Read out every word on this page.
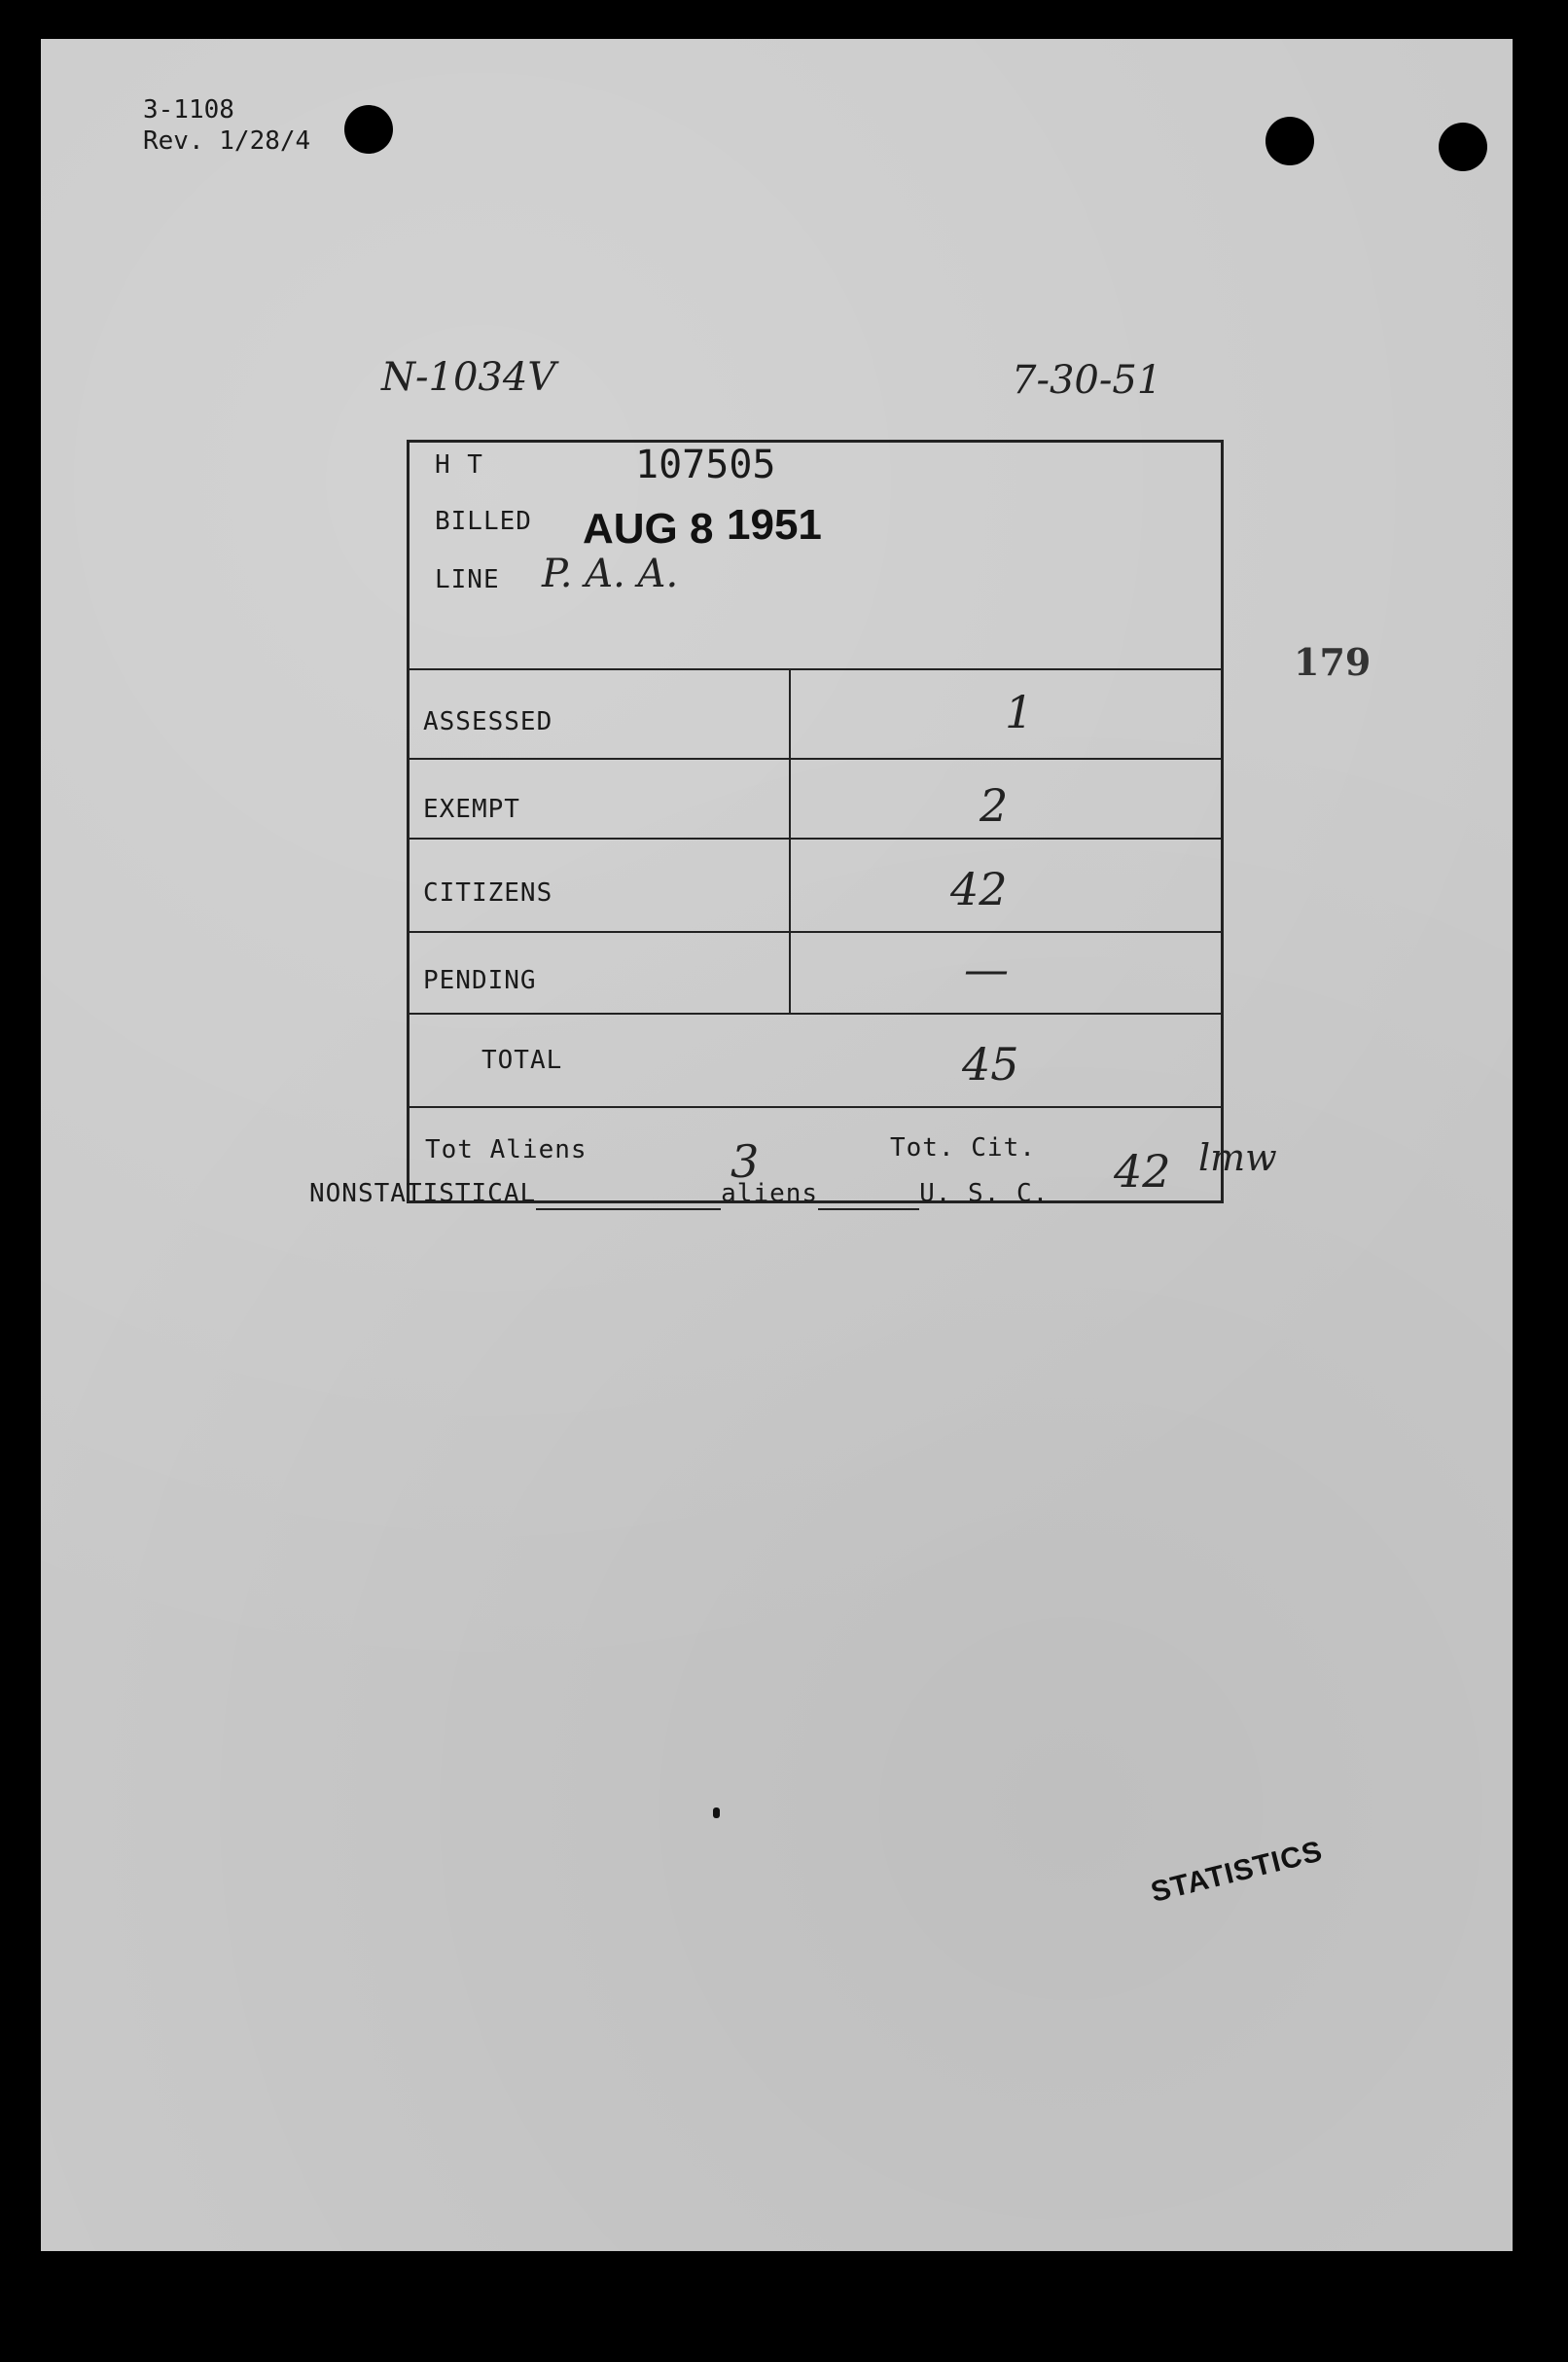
3-1108
Rev. 1/28/4
N-1034V	7-30-51
179
H T	107505
BILLED AUG 8 1951
LINE P. A. A.
ASSESSED	1
EXEMPT	2
CITIZENS	42
PENDING	—
TOTAL	45
Tot Aliens	3	Tot. Cit. 42 lmw
NONSTATISTICAL	aliens	U. S. C.
STATISTICS
